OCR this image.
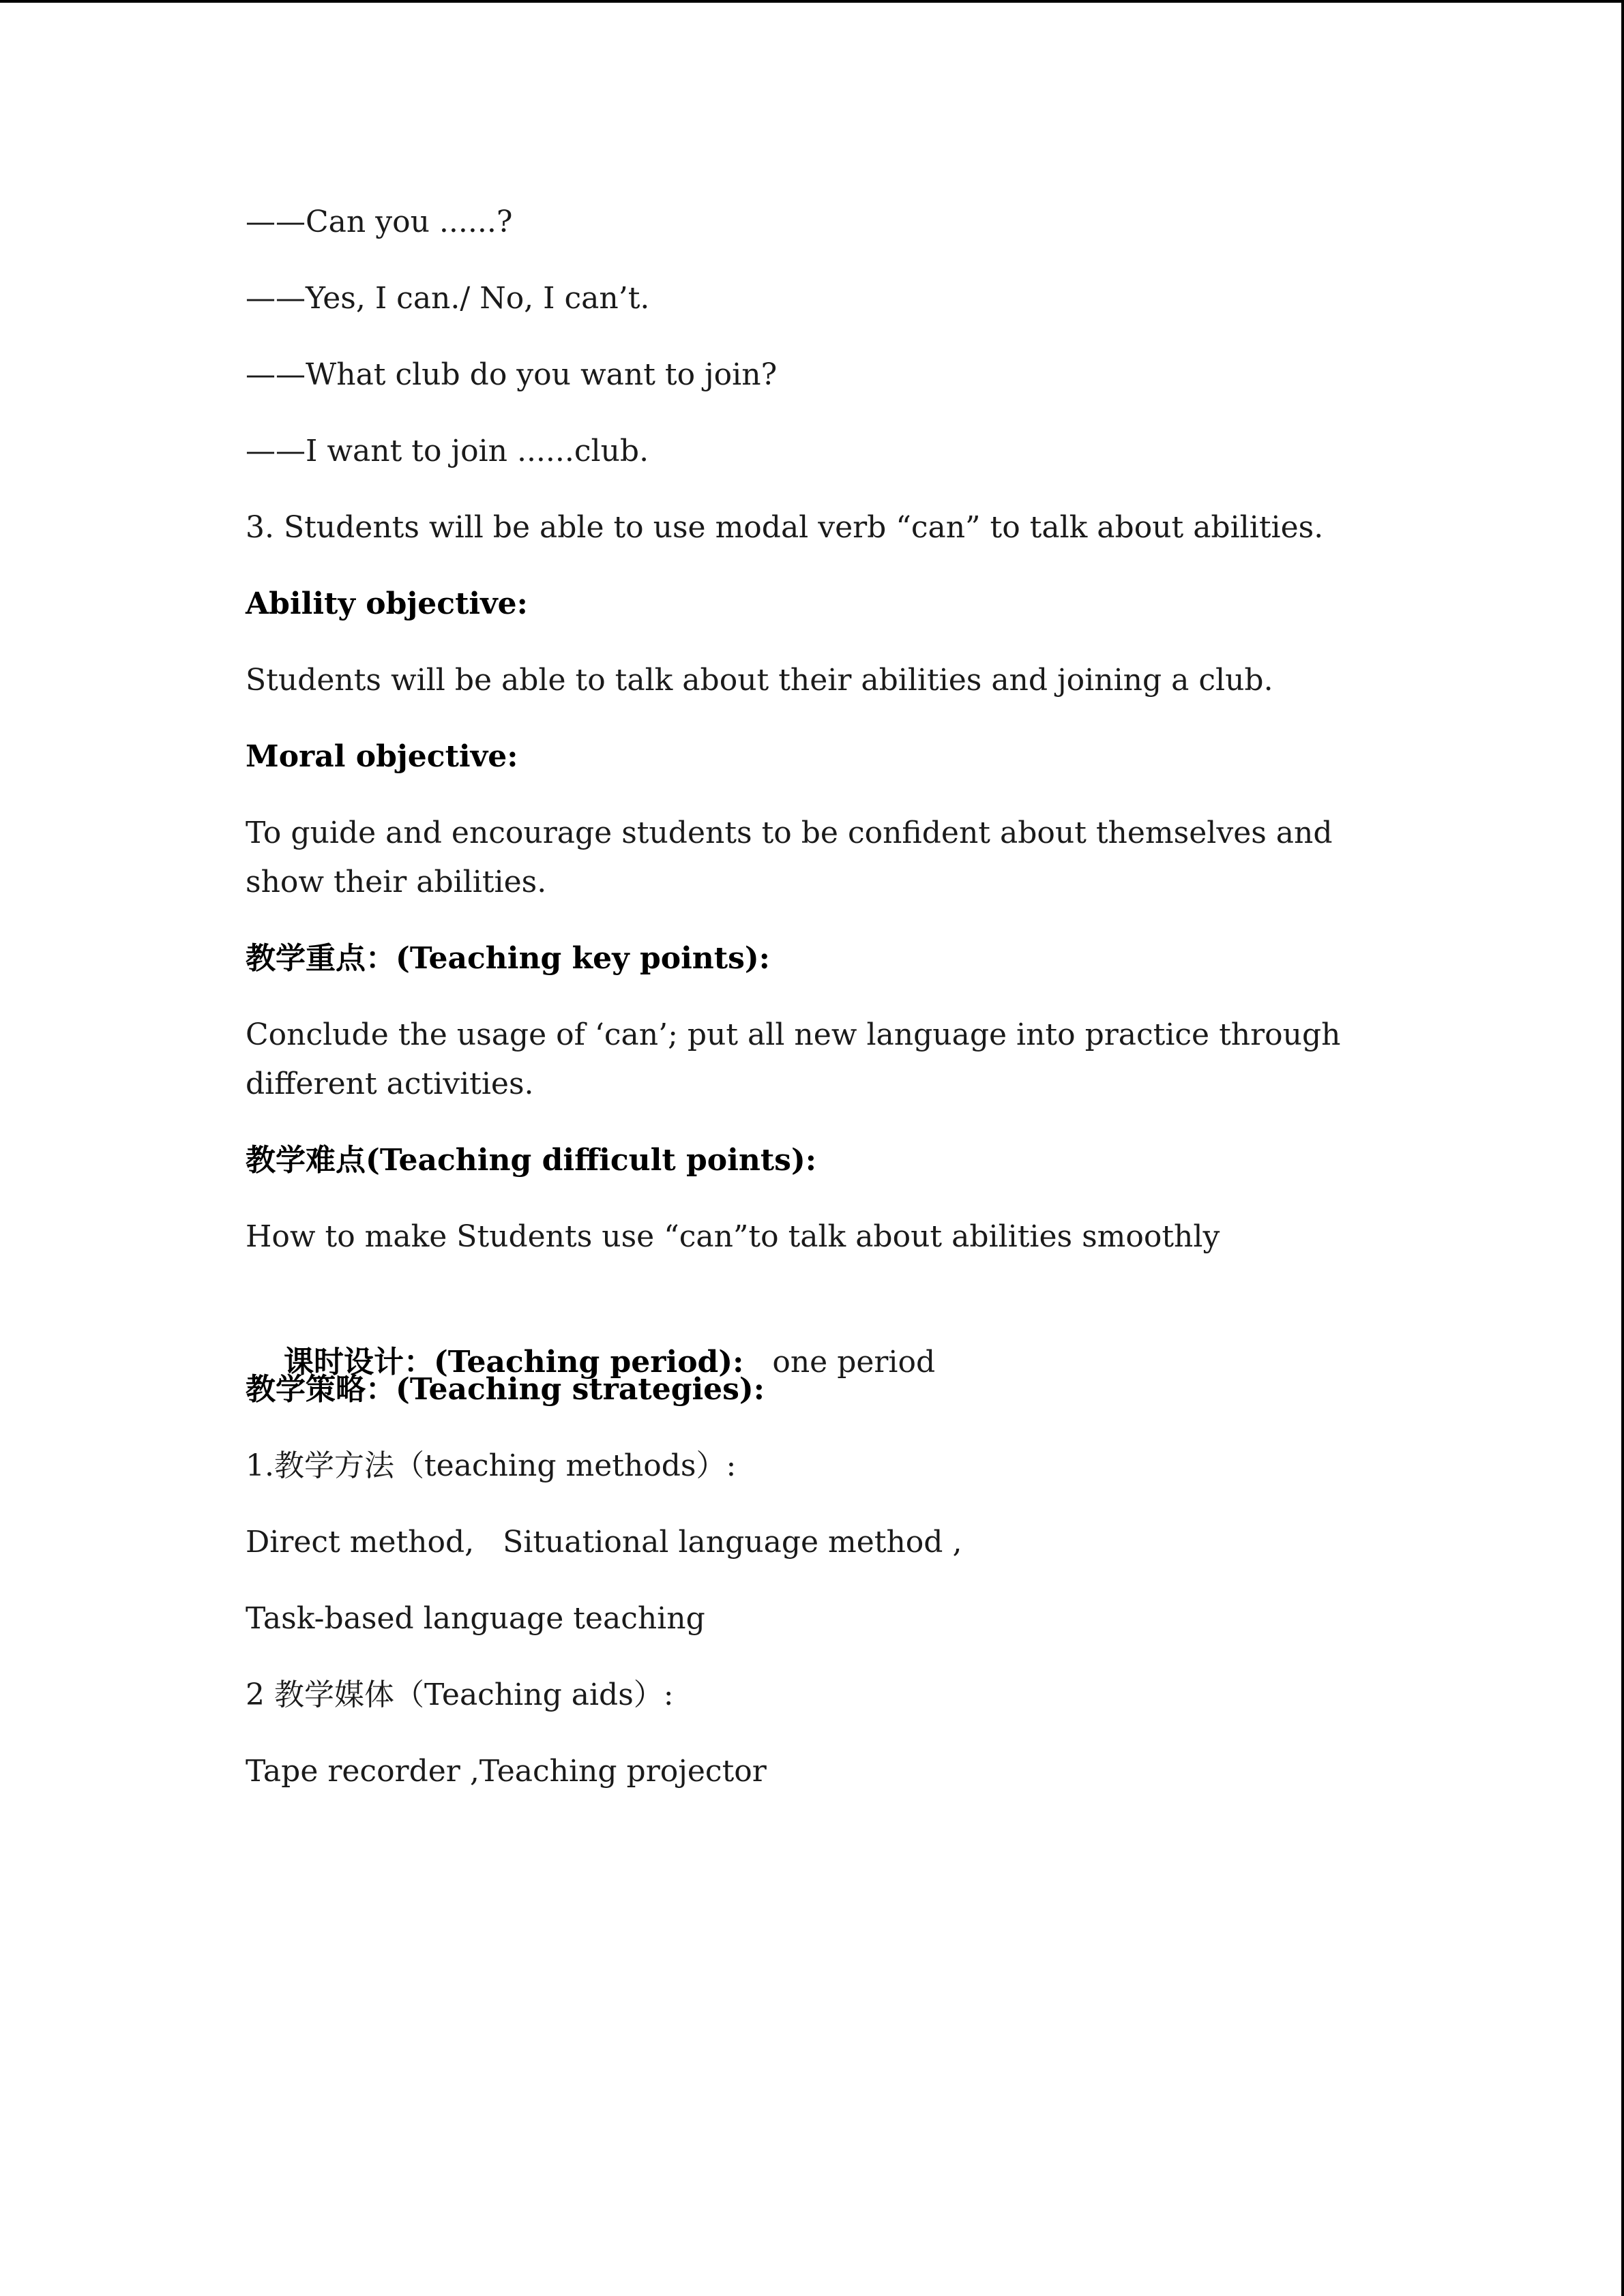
——Can you ......?
——Yes, I can./ No, I can’t.
——What club do you want to join?
——I want to join ......club.
3. Students will be able to use modal verb “can” to talk about abilities.
Ability objective:
Students will be able to talk about their abilities and joining a club.
Moral objective:
To guide and encourage students to be confident about themselves and show their abilities.
教学重点：(Teaching key points):
Conclude the usage of ‘can’; put all new language into practice through different activities.
教学难点(Teaching difficult points):
How to make Students use “can”to talk about abilities smoothly

课时设计：(Teaching period): one period

教学策略：(Teaching strategies):
1.教学方法（teaching methods）:
Direct method,   Situational language method ,
Task-based language teaching
2 教学媒体（Teaching aids）:
Tape recorder ,Teaching projector
